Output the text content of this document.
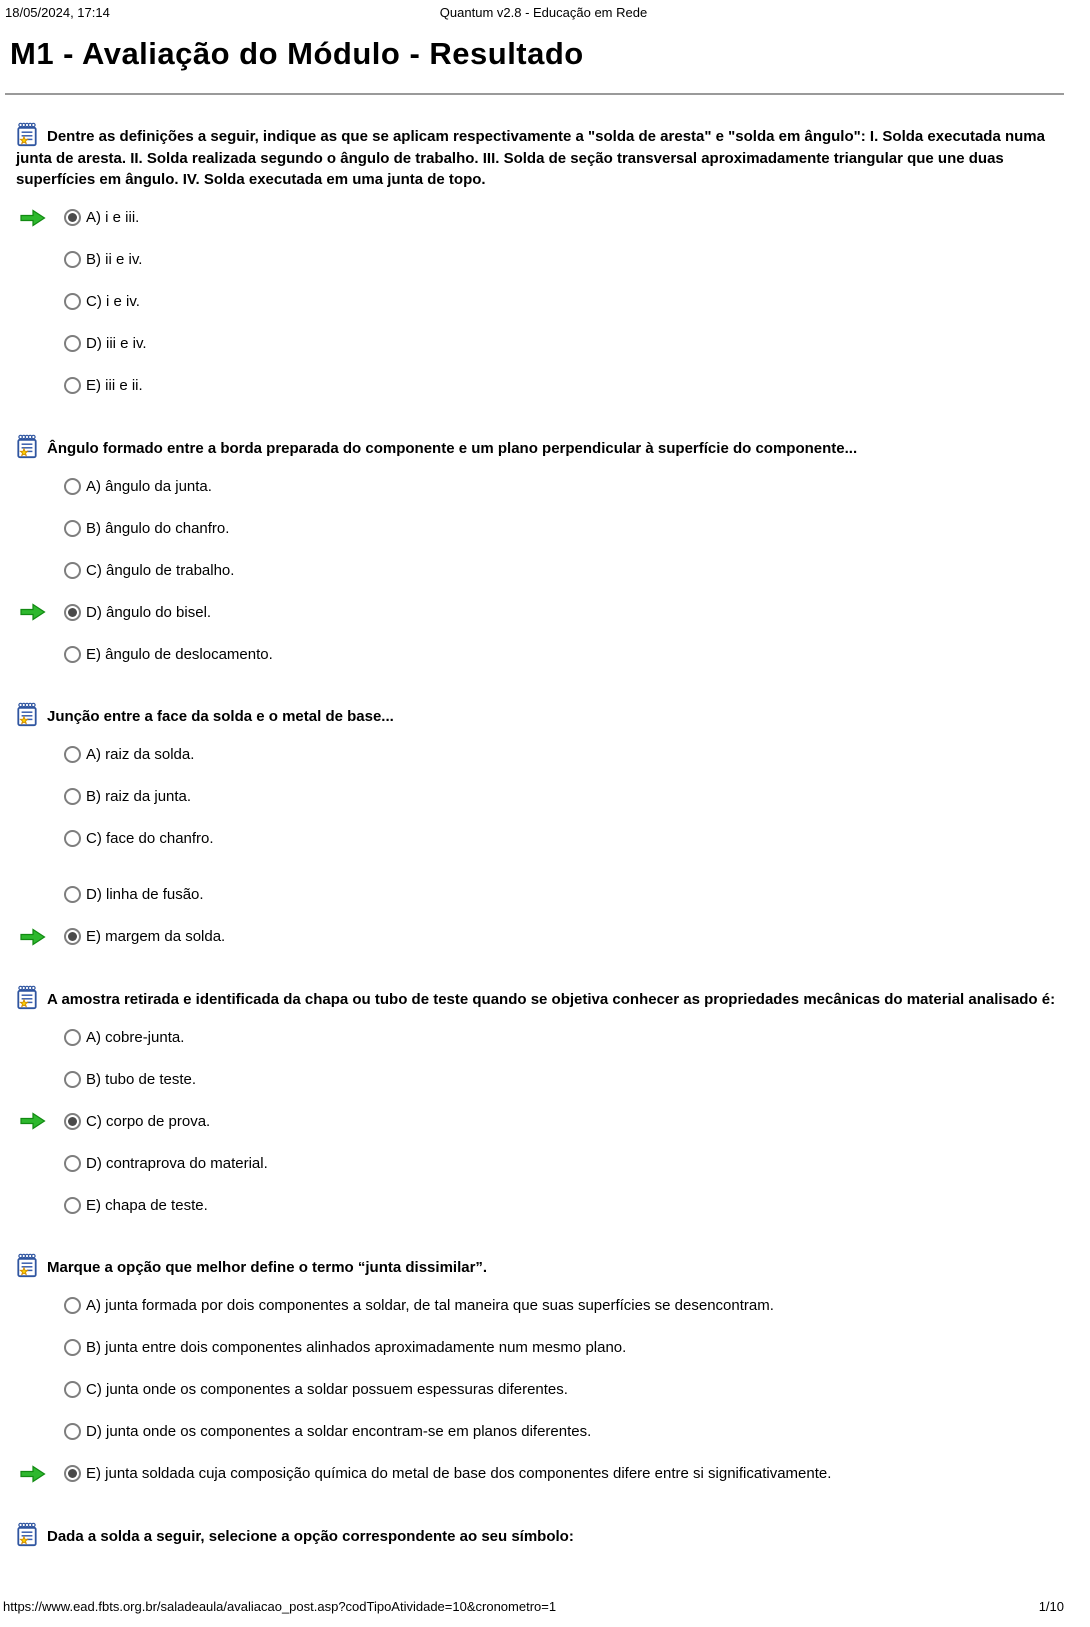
18/05/2024, 17:14	Quantum v2.8 - Educação em Rede
M1 - Avaliação do Módulo - Resultado

Dentre as definições a seguir, indique as que se aplicam respectivamente a "solda de aresta" e "solda em ângulo": I. Solda executada numa junta de aresta. II. Solda realizada segundo o ângulo de trabalho. III. Solda de seção transversal aproximadamente triangular que une duas superfícies em ângulo. IV. Solda executada em uma junta de topo.

A) i e iii.
B) ii e iv.
C) i e iv.
D) iii e iv.
E) iii e ii.

Ângulo formado entre a borda preparada do componente e um plano perpendicular à superfície do componente...

A) ângulo da junta.
B) ângulo do chanfro.
C) ângulo de trabalho.
D) ângulo do bisel.
E) ângulo de deslocamento.

Junção entre a face da solda e o metal de base...

A) raiz da solda.
B) raiz da junta.
C) face do chanfro.
D) linha de fusão.
E) margem da solda.

A amostra retirada e identificada da chapa ou tubo de teste quando se objetiva conhecer as propriedades mecânicas do material analisado é:

A) cobre-junta.
B) tubo de teste.
C) corpo de prova.
D) contraprova do material.
E) chapa de teste.

Marque a opção que melhor define o termo “junta dissimilar”.

A) junta formada por dois componentes a soldar, de tal maneira que suas superfícies se desencontram.
B) junta entre dois componentes alinhados aproximadamente num mesmo plano.
C) junta onde os componentes a soldar possuem espessuras diferentes.
D) junta onde os componentes a soldar encontram-se em planos diferentes.
E) junta soldada cuja composição química do metal de base dos componentes difere entre si significativamente.

Dada a solda a seguir, selecione a opção correspondente ao seu símbolo:

https://www.ead.fbts.org.br/saladeaula/avaliacao_post.asp?codTipoAtividade=10&cronometro=1	1/10
